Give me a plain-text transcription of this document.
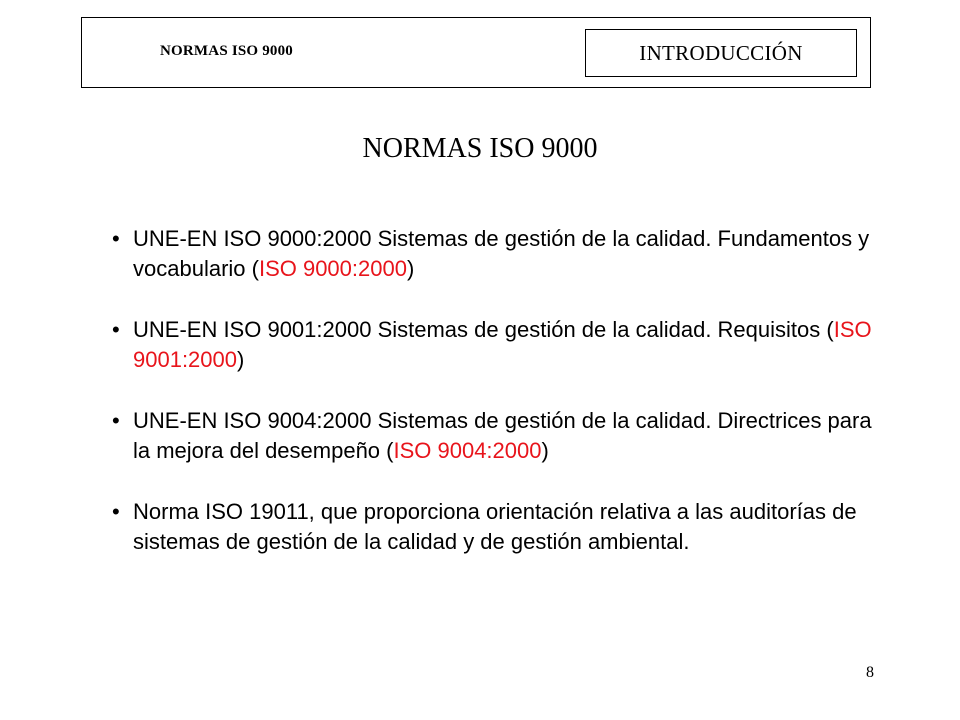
NORMAS ISO 9000	INTRODUCCIÓN
NORMAS ISO 9000
• UNE-EN ISO 9000:2000 Sistemas de gestión de la calidad. Fundamentos y vocabulario (ISO 9000:2000)
• UNE-EN ISO 9001:2000 Sistemas de gestión de la calidad. Requisitos (ISO 9001:2000)
• UNE-EN ISO 9004:2000 Sistemas de gestión de la calidad. Directrices para la mejora del desempeño (ISO 9004:2000)
• Norma ISO 19011, que proporciona orientación relativa a las auditorías de sistemas de gestión de la calidad y de gestión ambiental.
8
